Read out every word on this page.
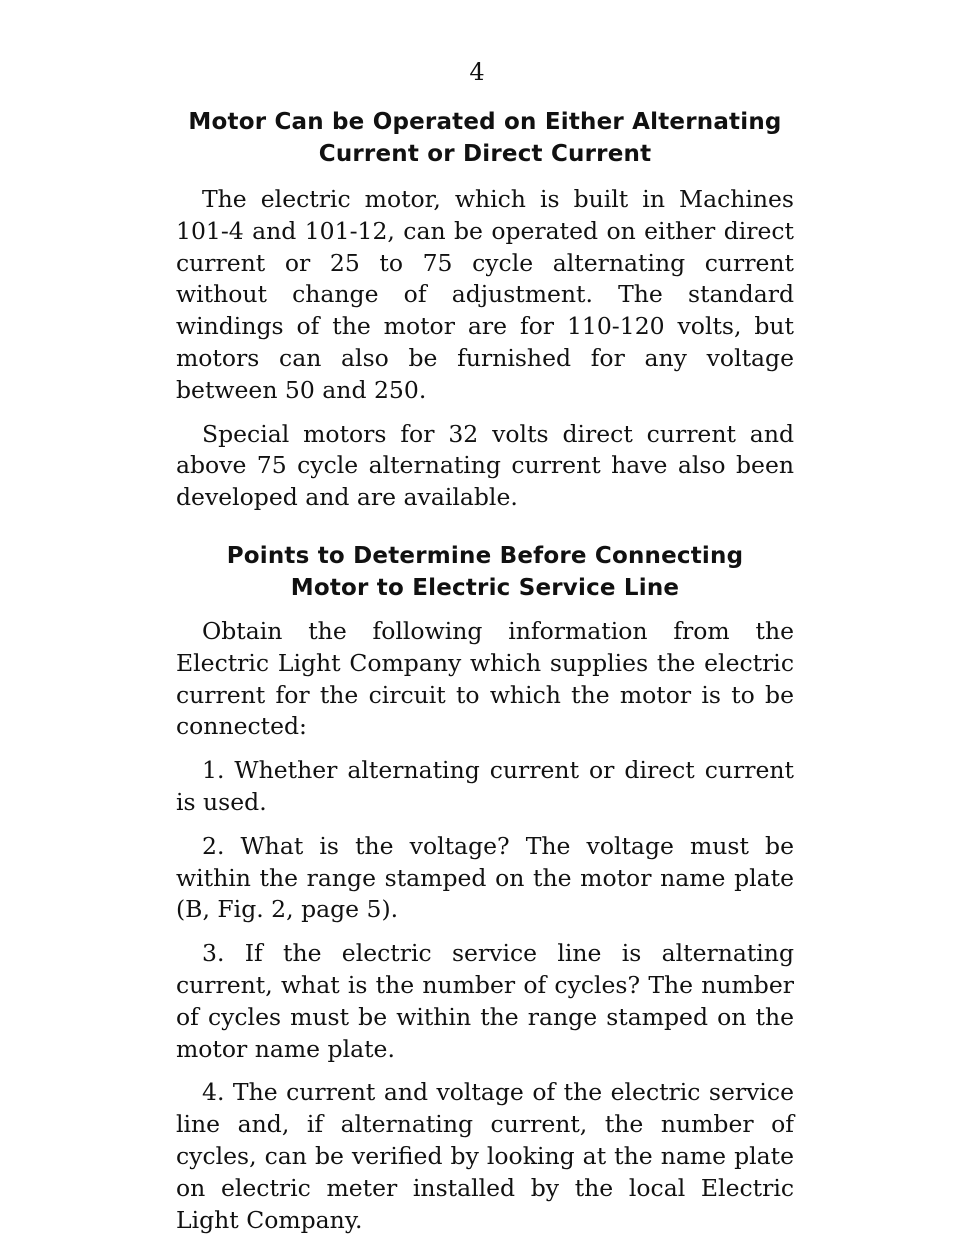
4
Motor Can be Operated on Either Alternating
Current or Direct Current

The electric motor, which is built in Machines 101-4 and 101-12, can be operated on either direct current or 25 to 75 cycle alternating current without change of adjustment. The standard windings of the motor are for 110-120 volts, but motors can also be furnished for any voltage between 50 and 250.

Special motors for 32 volts direct current and above 75 cycle alternating current have also been developed and are available.

Points to Determine Before Connecting
Motor to Electric Service Line

Obtain the following information from the Electric Light Company which supplies the electric current for the circuit to which the motor is to be connected:

1. Whether alternating current or direct current is used.

2. What is the voltage? The voltage must be within the range stamped on the motor name plate (B, Fig. 2, page 5).

3. If the electric service line is alternating current, what is the number of cycles? The number of cycles must be within the range stamped on the motor name plate.

4. The current and voltage of the electric service line and, if alternating current, the number of cycles, can be verified by looking at the name plate on electric meter installed by the local Electric Light Company.
